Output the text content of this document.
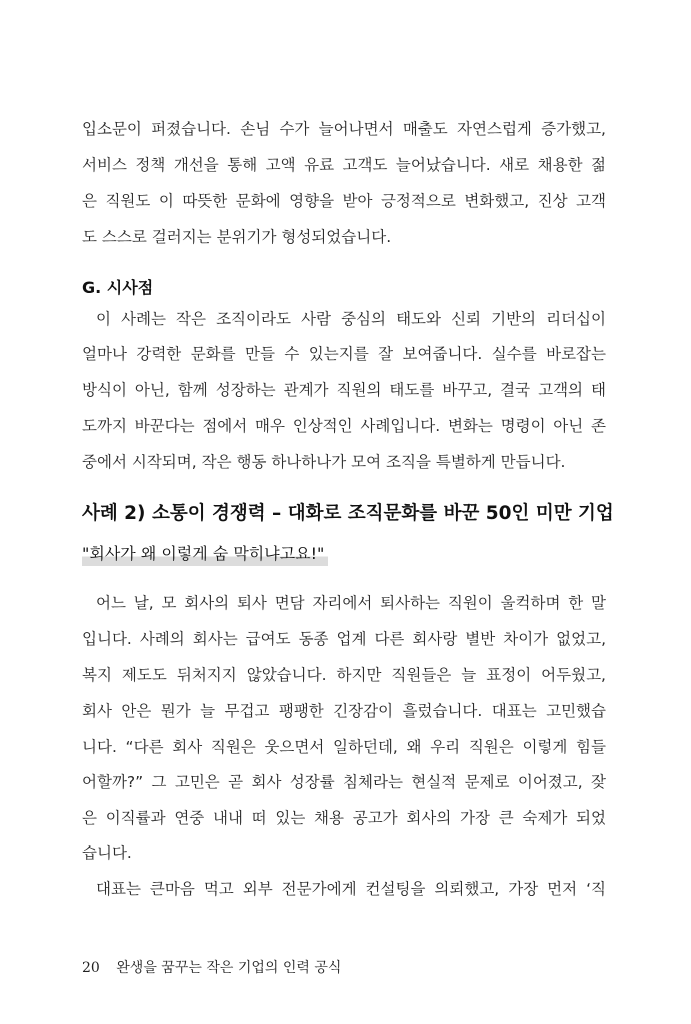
입소문이 퍼졌습니다. 손님 수가 늘어나면서 매출도 자연스럽게 증가했고,
서비스 정책 개선을 통해 고액 유료 고객도 늘어났습니다. 새로 채용한 젊
은 직원도 이 따뜻한 문화에 영향을 받아 긍정적으로 변화했고, 진상 고객
도 스스로 걸러지는 분위기가 형성되었습니다.
G. 시사점
이 사례는 작은 조직이라도 사람 중심의 태도와 신뢰 기반의 리더십이
얼마나 강력한 문화를 만들 수 있는지를 잘 보여줍니다. 실수를 바로잡는
방식이 아닌, 함께 성장하는 관계가 직원의 태도를 바꾸고, 결국 고객의 태
도까지 바꾼다는 점에서 매우 인상적인 사례입니다. 변화는 명령이 아닌 존
중에서 시작되며, 작은 행동 하나하나가 모여 조직을 특별하게 만듭니다.
사례 2) 소통이 경쟁력 – 대화로 조직문화를 바꾼 50인 미만 기업
"회사가 왜 이렇게 숨 막히냐고요!"
어느 날, 모 회사의 퇴사 면담 자리에서 퇴사하는 직원이 울컥하며 한 말
입니다. 사례의 회사는 급여도 동종 업계 다른 회사랑 별반 차이가 없었고,
복지 제도도 뒤처지지 않았습니다. 하지만 직원들은 늘 표정이 어두웠고,
회사 안은 뭔가 늘 무겁고 팽팽한 긴장감이 흘렀습니다. 대표는 고민했습
니다. “다른 회사 직원은 웃으면서 일하던데, 왜 우리 직원은 이렇게 힘들
어할까?” 그 고민은 곧 회사 성장률 침체라는 현실적 문제로 이어졌고, 잦
은 이직률과 연중 내내 떠 있는 채용 공고가 회사의 가장 큰 숙제가 되었
습니다.
대표는 큰마음 먹고 외부 전문가에게 컨설팅을 의뢰했고, 가장 먼저 ‘직
20 완생을 꿈꾸는 작은 기업의 인력 공식
